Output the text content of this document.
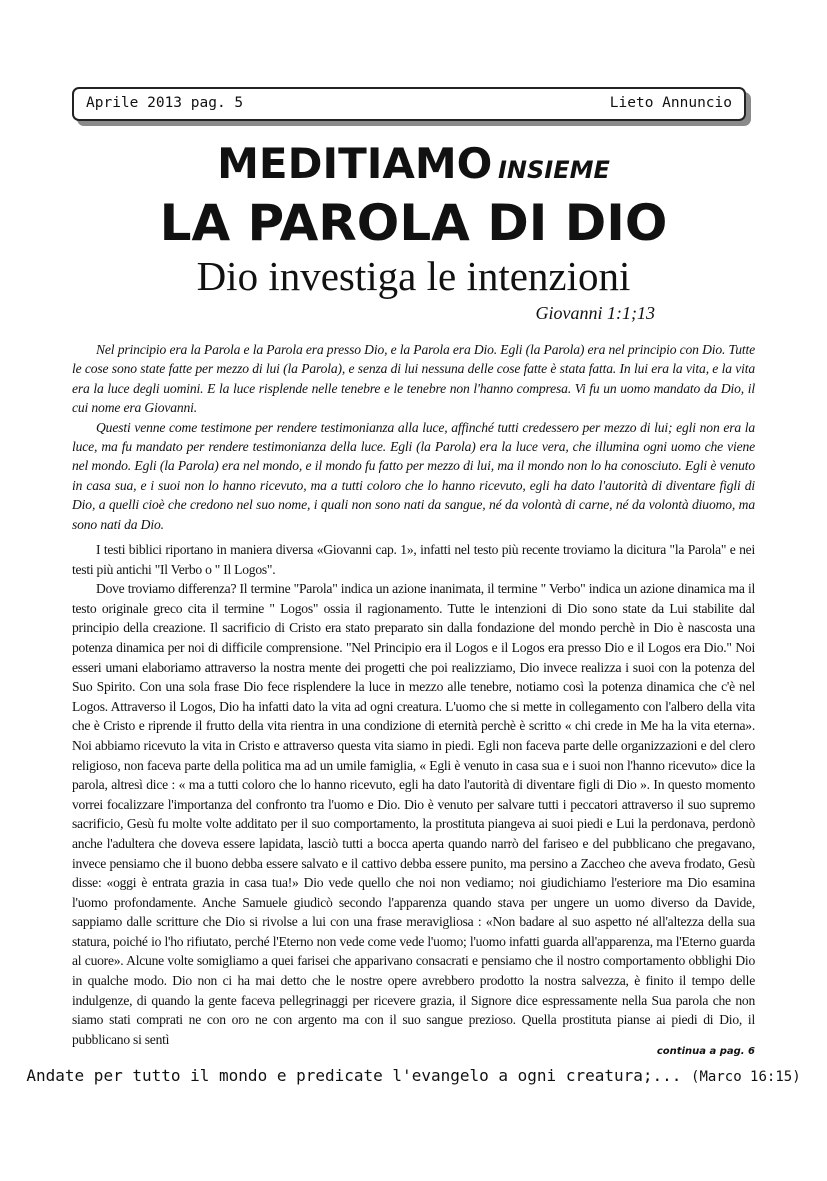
Aprile 2013 pag. 5	Lieto Annuncio
MEDITIAMO INSIEME
LA PAROLA DI DIO
Dio investiga le intenzioni
Giovanni 1:1;13

Nel principio era la Parola e la Parola era presso Dio, e la Parola era Dio. Egli (la Parola) era nel principio con Dio. Tutte le cose sono state fatte per mezzo di lui (la Parola), e senza di lui nessuna delle cose fatte è stata fatta. In lui era la vita, e la vita era la luce degli uomini. E la luce risplende nelle tenebre e le tenebre non l'hanno compresa. Vi fu un uomo mandato da Dio, il cui nome era Giovanni.

Questi venne come testimone per rendere testimonianza alla luce, affinché tutti credessero per mezzo di lui; egli non era la luce, ma fu mandato per rendere testimonianza della luce. Egli (la Parola) era la luce vera, che illumina ogni uomo che viene nel mondo. Egli (la Parola) era nel mondo, e il mondo fu fatto per mezzo di lui, ma il mondo non lo ha conosciuto. Egli è venuto in casa sua, e i suoi non lo hanno ricevuto, ma a tutti coloro che lo hanno ricevuto, egli ha dato l'autorità di diventare figli di Dio, a quelli cioè che credono nel suo nome, i quali non sono nati da sangue, né da volontà di carne, né da volontà diuomo, ma sono nati da Dio.

I testi biblici riportano in maniera diversa «Giovanni cap. 1», infatti nel testo più recente troviamo la dicitura "la Parola" e nei testi più antichi "Il Verbo o " Il Logos".

Dove troviamo differenza? Il termine "Parola" indica un azione inanimata, il termine " Verbo" indica un azione dinamica ma il testo originale greco cita il termine " Logos" ossia il ragionamento. Tutte le intenzioni di Dio sono state da Lui stabilite dal principio della creazione. Il sacrificio di Cristo era stato preparato sin dalla fondazione del mondo perchè in Dio è nascosta una potenza dinamica per noi di difficile comprensione. "Nel Principio era il Logos e il Logos era presso Dio e il Logos era Dio." Noi esseri umani elaboriamo attraverso la nostra mente dei progetti che poi realizziamo, Dio invece realizza i suoi con la potenza del Suo Spirito. Con una sola frase Dio fece risplendere la luce in mezzo alle tenebre, notiamo così la potenza dinamica che c'è nel Logos. Attraverso il Logos, Dio ha infatti dato la vita ad ogni creatura. L'uomo che si mette in collegamento con l'albero della vita che è Cristo e riprende il frutto della vita rientra in una condizione di eternità perchè è scritto « chi crede in Me ha la vita eterna». Noi abbiamo ricevuto la vita in Cristo e attraverso questa vita siamo in piedi. Egli non faceva parte delle organizzazioni e del clero religioso, non faceva parte della politica ma ad un umile famiglia, « Egli è venuto in casa sua e i suoi non l'hanno ricevuto» dice la parola, altresì dice : « ma a tutti coloro che lo hanno ricevuto, egli ha dato l'autorità di diventare figli di Dio ». In questo momento vorrei focalizzare l'importanza del confronto tra l'uomo e Dio. Dio è venuto per salvare tutti i peccatori attraverso il suo supremo sacrificio, Gesù fu molte volte additato per il suo comportamento, la prostituta piangeva ai suoi piedi e Lui la perdonava, perdonò anche l'adultera che doveva essere lapidata, lasciò tutti a bocca aperta quando narrò del fariseo e del pubblicano che pregavano, invece pensiamo che il buono debba essere salvato e il cattivo debba essere punito, ma persino a Zaccheo che aveva frodato, Gesù disse: «oggi è entrata grazia in casa tua!» Dio vede quello che noi non vediamo; noi giudichiamo l'esteriore ma Dio esamina l'uomo profondamente. Anche Samuele giudicò secondo l'apparenza quando stava per ungere un uomo diverso da Davide, sappiamo dalle scritture che Dio si rivolse a lui con una frase meravigliosa : «Non badare al suo aspetto né all'altezza della sua statura, poiché io l'ho rifiutato, perché l'Eterno non vede come vede l'uomo; l'uomo infatti guarda all'apparenza, ma l'Eterno guarda al cuore». Alcune volte somigliamo a quei farisei che apparivano consacrati e pensiamo che il nostro comportamento obblighi Dio in qualche modo. Dio non ci ha mai detto che le nostre opere avrebbero prodotto la nostra salvezza, è finito il tempo delle indulgenze, di quando la gente faceva pellegrinaggi per ricevere grazia, il Signore dice espressamente nella Sua parola che non siamo stati comprati ne con oro ne con argento ma con il suo sangue prezioso. Quella prostituta pianse ai piedi di Dio, il pubblicano si sentì

continua a pag. 6
Andate per tutto il mondo e predicate l'evangelo a ogni creatura;... (Marco 16:15)
